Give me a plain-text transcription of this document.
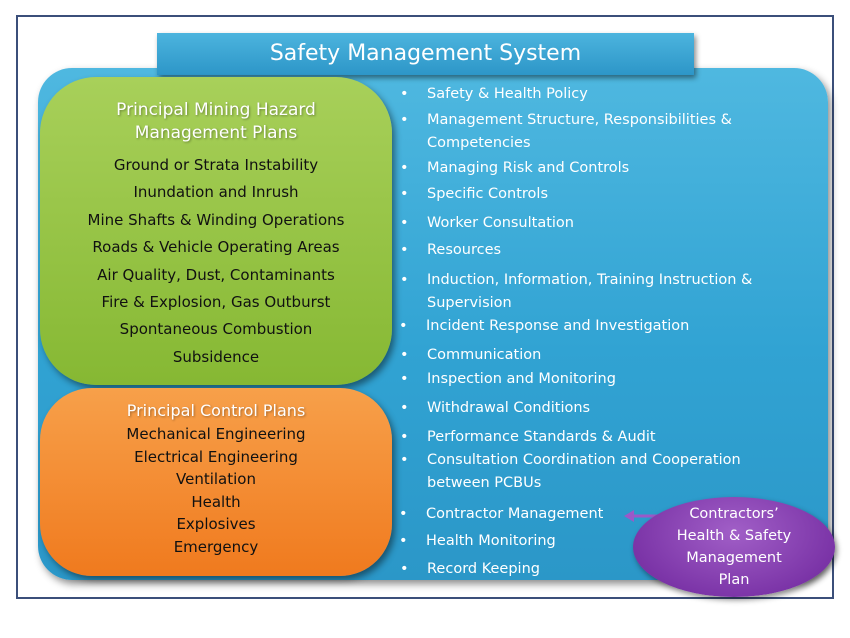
Safety Management System
Principal Mining Hazard
Management Plans
Ground or Strata Instability
Inundation and Inrush
Mine Shafts & Winding Operations
Roads & Vehicle Operating Areas
Air Quality, Dust, Contaminants
Fire & Explosion, Gas Outburst
Spontaneous Combustion
Subsidence
Principal Control Plans
Mechanical Engineering
Electrical Engineering
Ventilation
Health
Explosives
Emergency
• Safety & Health Policy
• Management Structure, Responsibilities &
Competencies
• Managing Risk and Controls
• Specific Controls
• Worker Consultation
• Resources
• Induction, Information, Training Instruction &
Supervision
• Incident Response and Investigation
• Communication
• Inspection and Monitoring
• Withdrawal Conditions
• Performance Standards & Audit
• Consultation Coordination and Cooperation
between PCBUs
• Contractor Management
• Health Monitoring
• Record Keeping
Contractors’
Health & Safety
Management
Plan
